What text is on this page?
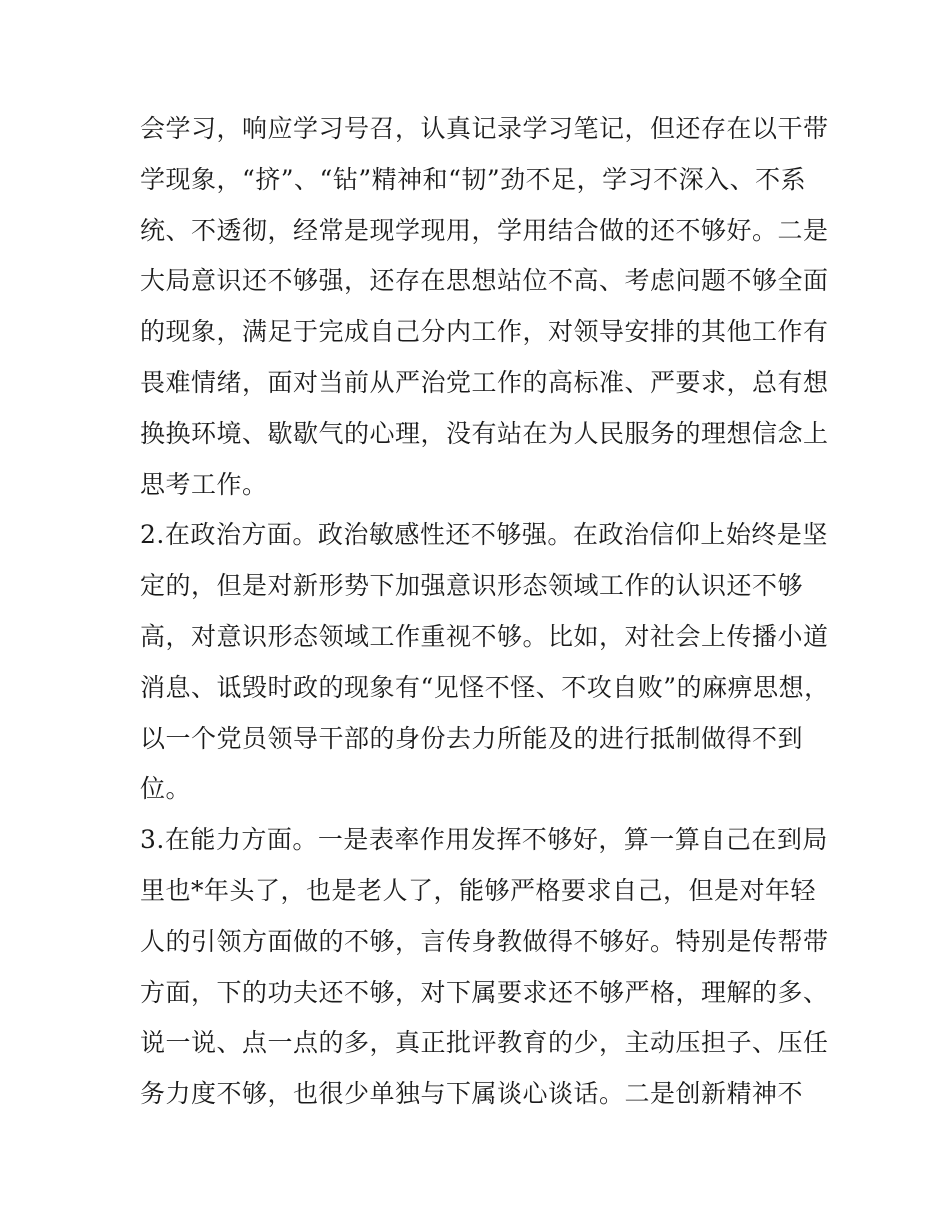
会学习，响应学习号召，认真记录学习笔记，但还存在以干带
学现象，“挤”、“钻”精神和“韧”劲不足，学习不深入、不系
统、不透彻，经常是现学现用，学用结合做的还不够好。二是
大局意识还不够强，还存在思想站位不高、考虑问题不够全面
的现象，满足于完成自己分内工作，对领导安排的其他工作有
畏难情绪，面对当前从严治党工作的高标准、严要求，总有想
换换环境、歇歇气的心理，没有站在为人民服务的理想信念上
思考工作。
2.在政治方面。政治敏感性还不够强。在政治信仰上始终是坚
定的，但是对新形势下加强意识形态领域工作的认识还不够
高，对意识形态领域工作重视不够。比如，对社会上传播小道
消息、诋毁时政的现象有“见怪不怪、不攻自败”的麻痹思想，
以一个党员领导干部的身份去力所能及的进行抵制做得不到
位。
3.在能力方面。一是表率作用发挥不够好，算一算自己在到局
里也*年头了，也是老人了，能够严格要求自己，但是对年轻
人的引领方面做的不够，言传身教做得不够好。特别是传帮带
方面，下的功夫还不够，对下属要求还不够严格，理解的多、
说一说、点一点的多，真正批评教育的少，主动压担子、压任
务力度不够，也很少单独与下属谈心谈话。二是创新精神不
